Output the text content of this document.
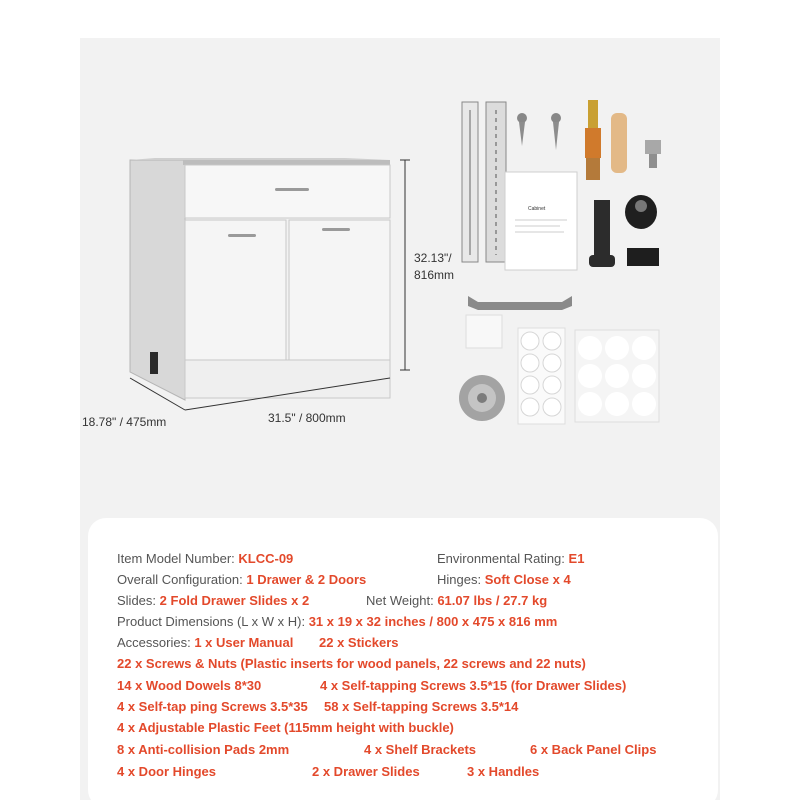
32.13"/
816mm
31.5" / 800mm
18.78" / 475mm
Cabinet
Item Model Number: KLCC-09	Environmental Rating: E1
Overall Configuration: 1 Drawer & 2 Doors	Hinges: Soft Close x 4
Slides: 2 Fold Drawer Slides x 2	Net Weight: 61.07 lbs / 27.7 kg
Product Dimensions (L x W x H): 31 x 19 x 32 inches / 800 x 475 x 816 mm
Accessories: 1 x User Manual 22 x Stickers
22 x Screws & Nuts (Plastic inserts for wood panels, 22 screws and 22 nuts)
14 x Wood Dowels 8*30	4 x Self-tapping Screws 3.5*15 (for Drawer Slides)
4 x Self-tap ping Screws 3.5*35 58 x Self-tapping Screws 3.5*14
4 x Adjustable Plastic Feet (115mm height with buckle)
8 x Anti-collision Pads 2mm	4 x Shelf Brackets	6 x Back Panel Clips
4 x Door Hinges	2 x Drawer Slides	3 x Handles
